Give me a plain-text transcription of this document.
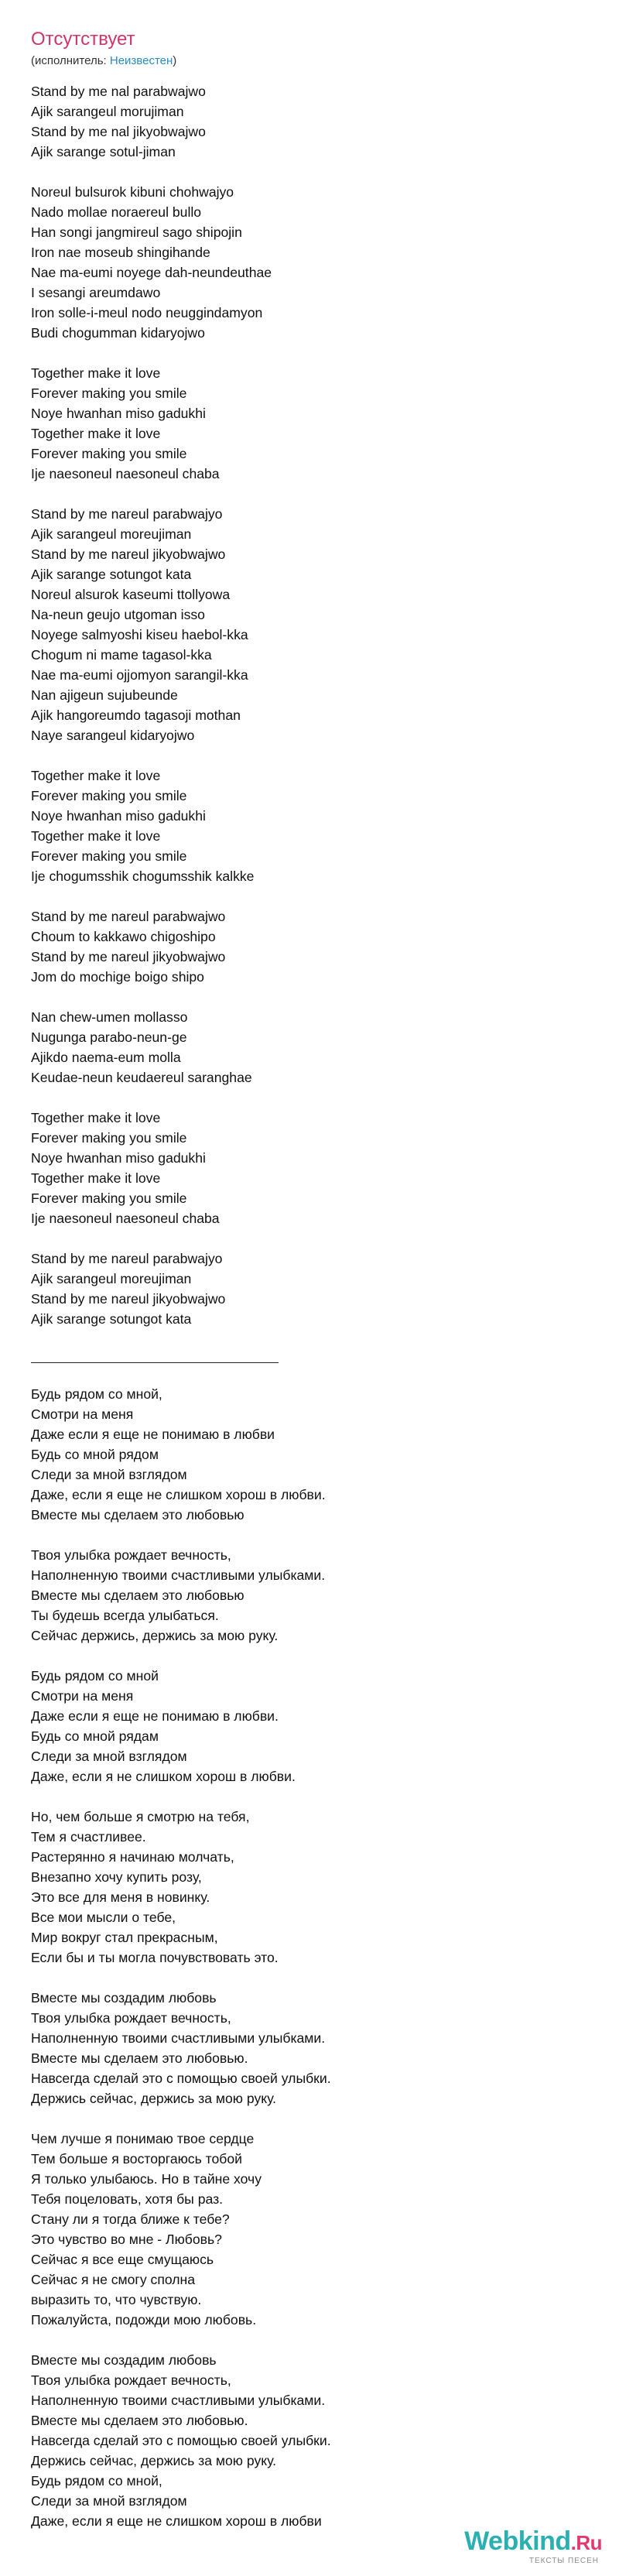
Отсутствует
(исполнитель: Неизвестен)
Stand by me nal parabwajwo
Ajik sarangeul morujiman
Stand by me nal jikyobwajwo
Ajik sarange sotul-jiman
Noreul bulsurok kibuni chohwajyo
Nado mollae noraereul bullo
Han songi jangmireul sago shipojin
Iron nae moseub shingihande
Nae ma-eumi noyege dah-neundeuthae
I sesangi areumdawo
Iron solle-i-meul nodo neuggindamyon
Budi chogumman kidaryojwo
Together make it love
Forever making you smile
Noye hwanhan miso gadukhi
Together make it love
Forever making you smile
Ije naesoneul naesoneul chaba
Stand by me nareul parabwajyo
Ajik sarangeul moreujiman
Stand by me nareul jikyobwajwo
Ajik sarange sotungot kata
Noreul alsurok kaseumi ttollyowa
Na-neun geujo utgoman isso
Noyege salmyoshi kiseu haebol-kka
Chogum ni mame tagasol-kka
Nae ma-eumi ojjomyon sarangil-kka
Nan ajigeun sujubeunde
Ajik hangoreumdo tagasoji mothan
Naye sarangeul kidaryojwo
Together make it love
Forever making you smile
Noye hwanhan miso gadukhi
Together make it love
Forever making you smile
Ije chogumsshik chogumsshik kalkke
Stand by me nareul parabwajwo
Choum to kakkawo chigoshipo
Stand by me nareul jikyobwajwo
Jom do mochige boigo shipo
Nan chew-umen mollasso
Nugunga parabo-neun-ge
Ajikdo naema-eum molla
Keudae-neun keudaereul saranghae
Together make it love
Forever making you smile
Noye hwanhan miso gadukhi
Together make it love
Forever making you smile
Ije naesoneul naesoneul chaba
Stand by me nareul parabwajyo
Ajik sarangeul moreujiman
Stand by me nareul jikyobwajwo
Ajik sarange sotungot kata
Будь рядом со мной,
Смотри на меня
Даже если я еще не понимаю в любви
Будь со мной рядом
Следи за мной взглядом
Даже, если я еще не слишком хорош в любви.
Вместе мы сделаем это любовью
Твоя улыбка рождает вечность,
Наполненную твоими счастливыми улыбками.
Вместе мы сделаем это любовью
Ты будешь всегда улыбаться.
Сейчас держись, держись за мою руку.
Будь рядом со мной
Смотри на меня
Даже если я еще не понимаю в любви.
Будь со мной рядам
Следи за мной взглядом
Даже, если я не слишком хорош в любви.
Но, чем больше я смотрю на тебя,
Тем я счастливее.
Растерянно я начинаю молчать,
Внезапно хочу купить розу,
Это все для меня в новинку.
Все мои мысли о тебе,
Мир вокруг стал прекрасным,
Если бы и ты могла почувствовать это.
Вместе мы создадим любовь
Твоя улыбка рождает вечность,
Наполненную твоими счастливыми улыбками.
Вместе мы сделаем это любовью.
Навсегда сделай это с помощью своей улыбки.
Держись сейчас, держись за мою руку.
Чем лучше я понимаю твое сердце
Тем больше я восторгаюсь тобой
Я только улыбаюсь. Но в тайне хочу
Тебя поцеловать, хотя бы раз.
Стану ли я тогда ближе к тебе?
Это чувство во мне - Любовь?
Сейчас я все еще смущаюсь
Сейчас я не смогу сполна
выразить то, что чувствую.
Пожалуйста, подожди мою любовь.
Вместе мы создадим любовь
Твоя улыбка рождает вечность,
Наполненную твоими счастливыми улыбками.
Вместе мы сделаем это любовью.
Навсегда сделай это с помощью своей улыбки.
Держись сейчас, держись за мою руку.
Будь рядом со мной,
Следи за мной взглядом
Даже, если я еще не слишком хорош в любви
Webkind.Ru
ТЕКСТЫ ПЕСЕН
